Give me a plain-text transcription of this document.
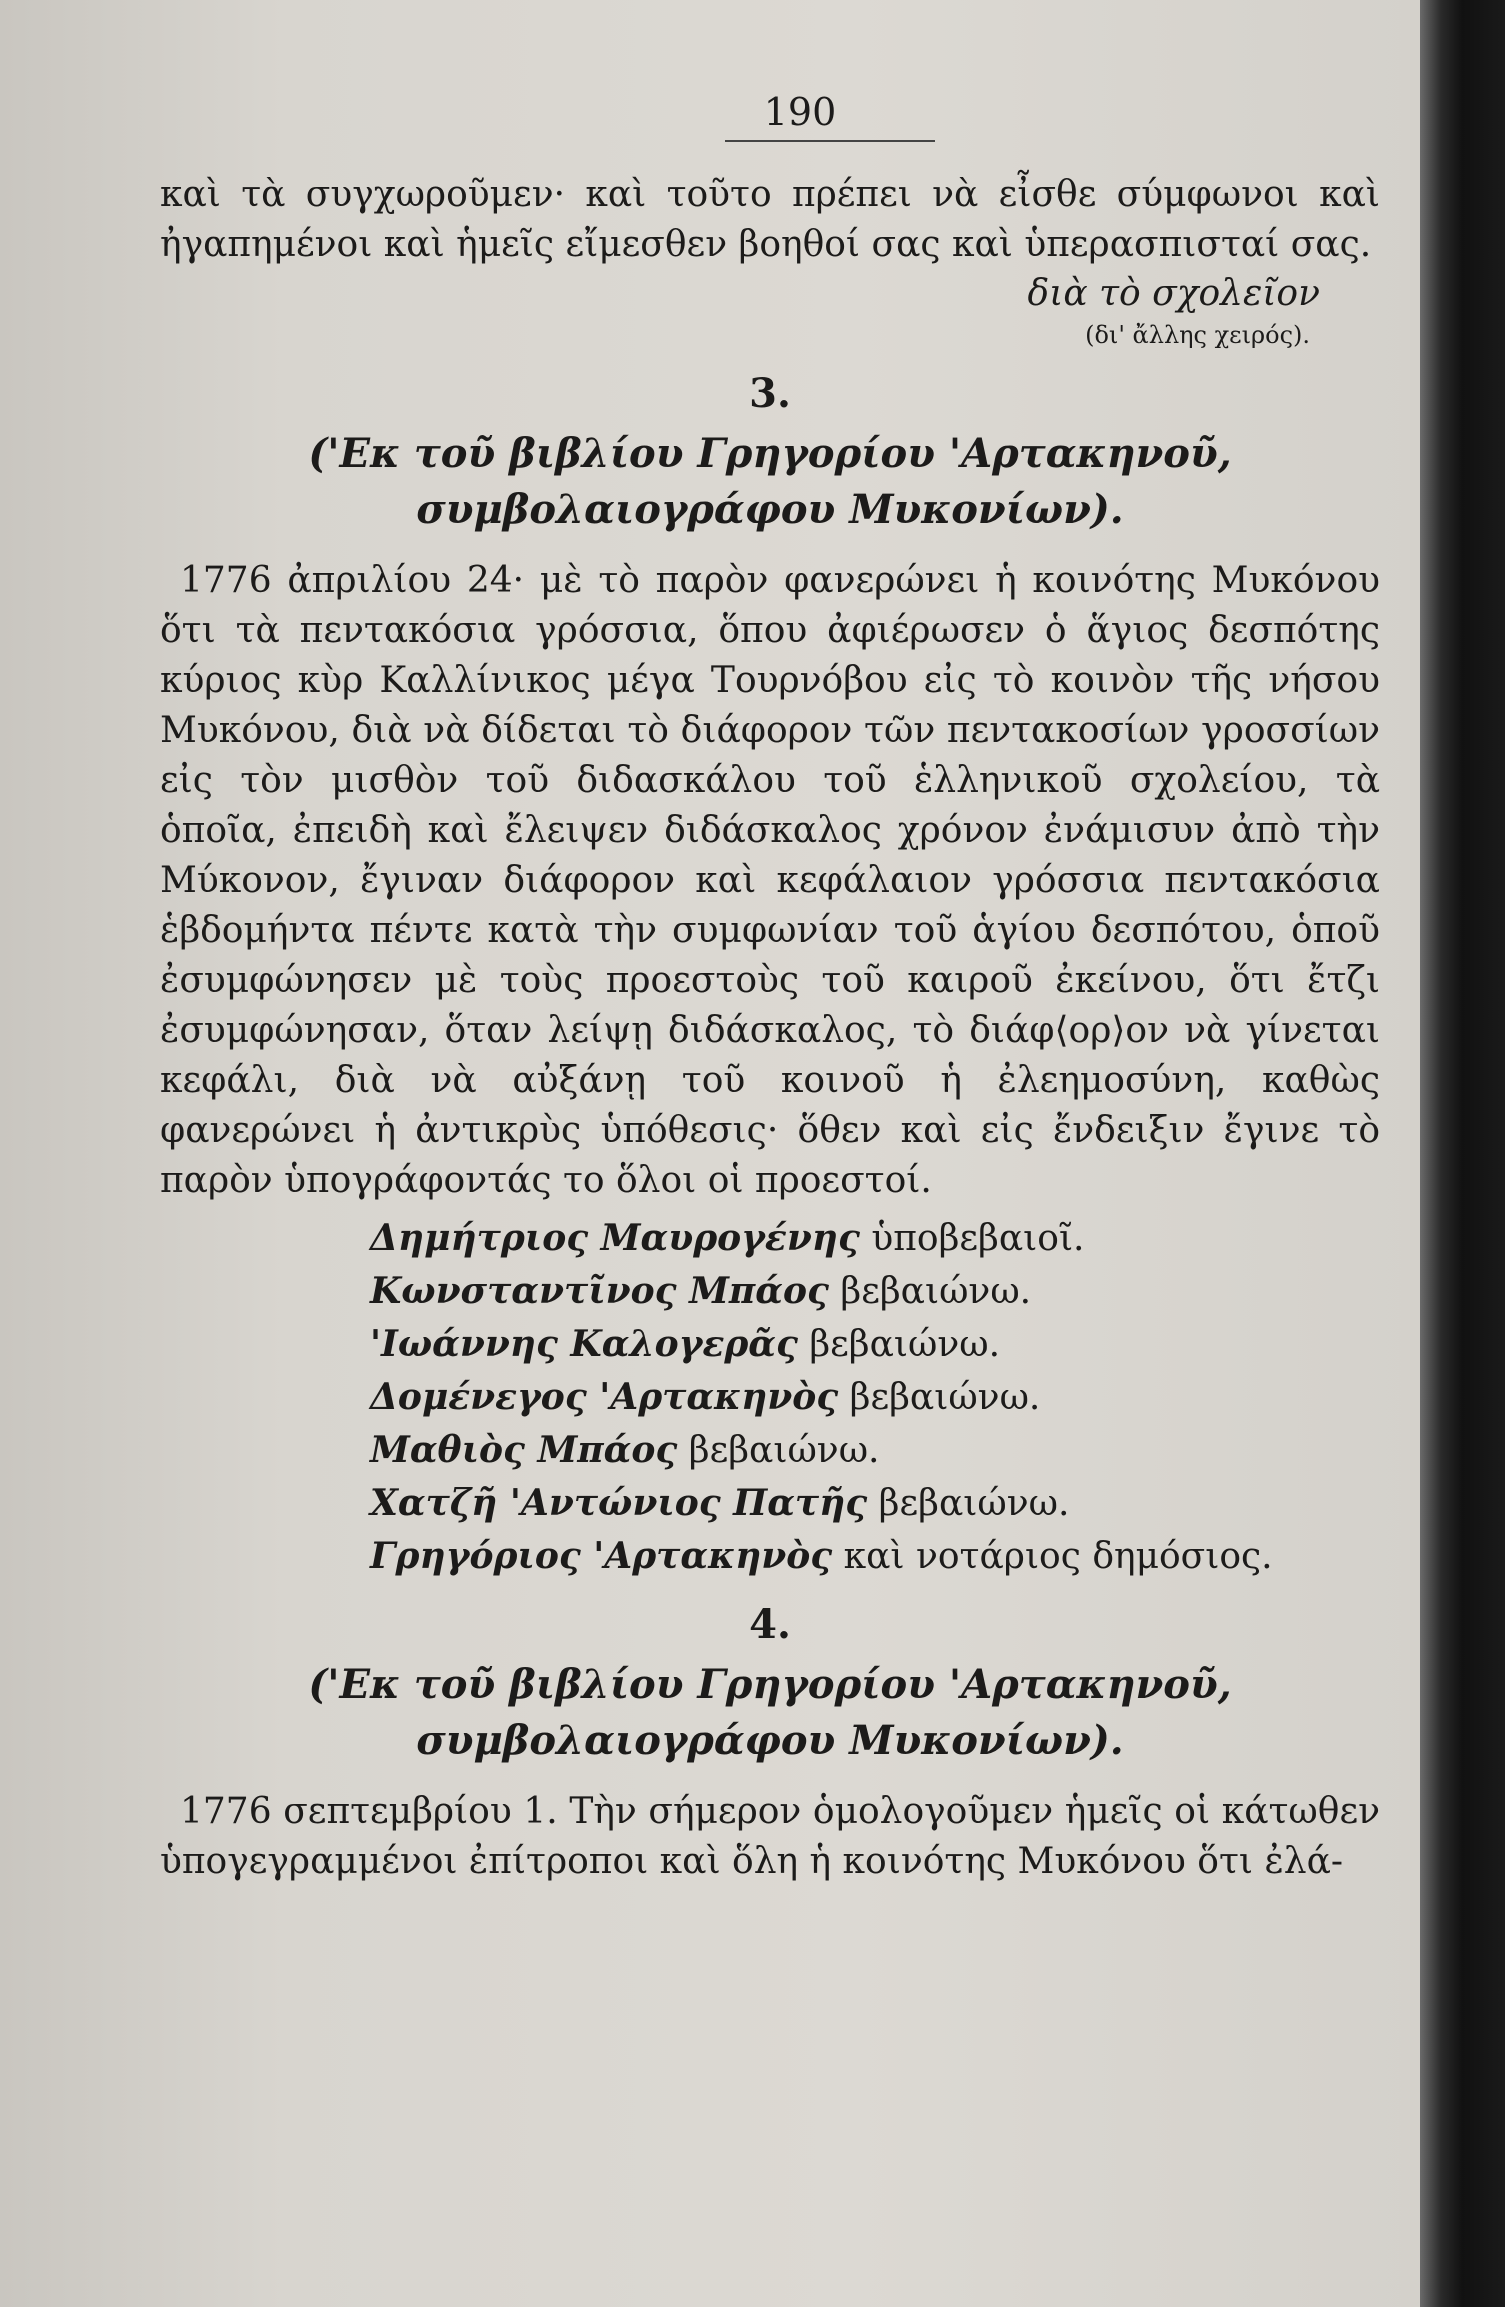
190

καὶ τὰ συγχωροῦμεν· καὶ τοῦτο πρέπει νὰ εἶσθε σύμφωνοι καὶ ἠγαπημένοι καὶ ἡμεῖς εἴμεσθεν βοηθοί σας καὶ ὑπερασπισταί σας.

διὰ τὸ σχολεῖον
(δι' ἄλλης χειρός).
3.
('Εκ τοῦ βιβλίου Γρηγορίου 'Αρτακηνοῦ,
συμβολαιογράφου Μυκονίων).

1776 ἀπριλίου 24· μὲ τὸ παρὸν φανερώνει ἡ κοινότης Μυκόνου ὅτι τὰ πεντακόσια γρόσσια, ὅπου ἀφιέρωσεν ὁ ἅγιος δεσπότης κύριος κὺρ Καλλίνικος μέγα Τουρνόβου εἰς τὸ κοινὸν τῆς νήσου Μυκόνου, διὰ νὰ δίδεται τὸ διάφορον τῶν πεντακοσίων γροσσίων εἰς τὸν μισθὸν τοῦ διδασκάλου τοῦ ἑλληνικοῦ σχολείου, τὰ ὁποῖα, ἐπειδὴ καὶ ἔλειψεν διδάσκαλος χρόνον ἐνάμισυν ἀπὸ τὴν Μύκονον, ἔγιναν διάφορον καὶ κεφάλαιον γρόσσια πεντακόσια ἑβδομήντα πέντε κατὰ τὴν συμφωνίαν τοῦ ἁγίου δεσπότου, ὁποῦ ἐσυμφώνησεν μὲ τοὺς προεστοὺς τοῦ καιροῦ ἐκείνου, ὅτι ἔτζι ἐσυμφώνησαν, ὅταν λείψῃ διδάσκαλος, τὸ διάφ⟨ορ⟩ον νὰ γίνεται κεφάλι, διὰ νὰ αὐξάνῃ τοῦ κοινοῦ ἡ ἐλεημοσύνη, καθὼς φανερώνει ἡ ἀντικρὺς ὑπόθεσις· ὅθεν καὶ εἰς ἔνδειξιν ἔγινε τὸ παρὸν ὑπογράφοντάς το ὅλοι οἱ προεστοί.

Δημήτριος Μαυρογένης ὑποβεβαιοῖ.
Κωνσταντῖνος Μπάος βεβαιώνω.
'Ιωάννης Καλογερᾶς βεβαιώνω.
Δομένεγος 'Αρτακηνὸς βεβαιώνω.
Μαθιὸς Μπάος βεβαιώνω.
Χατζῆ 'Αντώνιος Πατῆς βεβαιώνω.
Γρηγόριος 'Αρτακηνὸς καὶ νοτάριος δημόσιος.
4.
('Εκ τοῦ βιβλίου Γρηγορίου 'Αρτακηνοῦ,
συμβολαιογράφου Μυκονίων).

1776 σεπτεμβρίου 1. Τὴν σήμερον ὁμολογοῦμεν ἡμεῖς οἱ κάτωθεν ὑπογεγραμμένοι ἐπίτροποι καὶ ὅλη ἡ κοινότης Μυκόνου ὅτι ἐλά-
